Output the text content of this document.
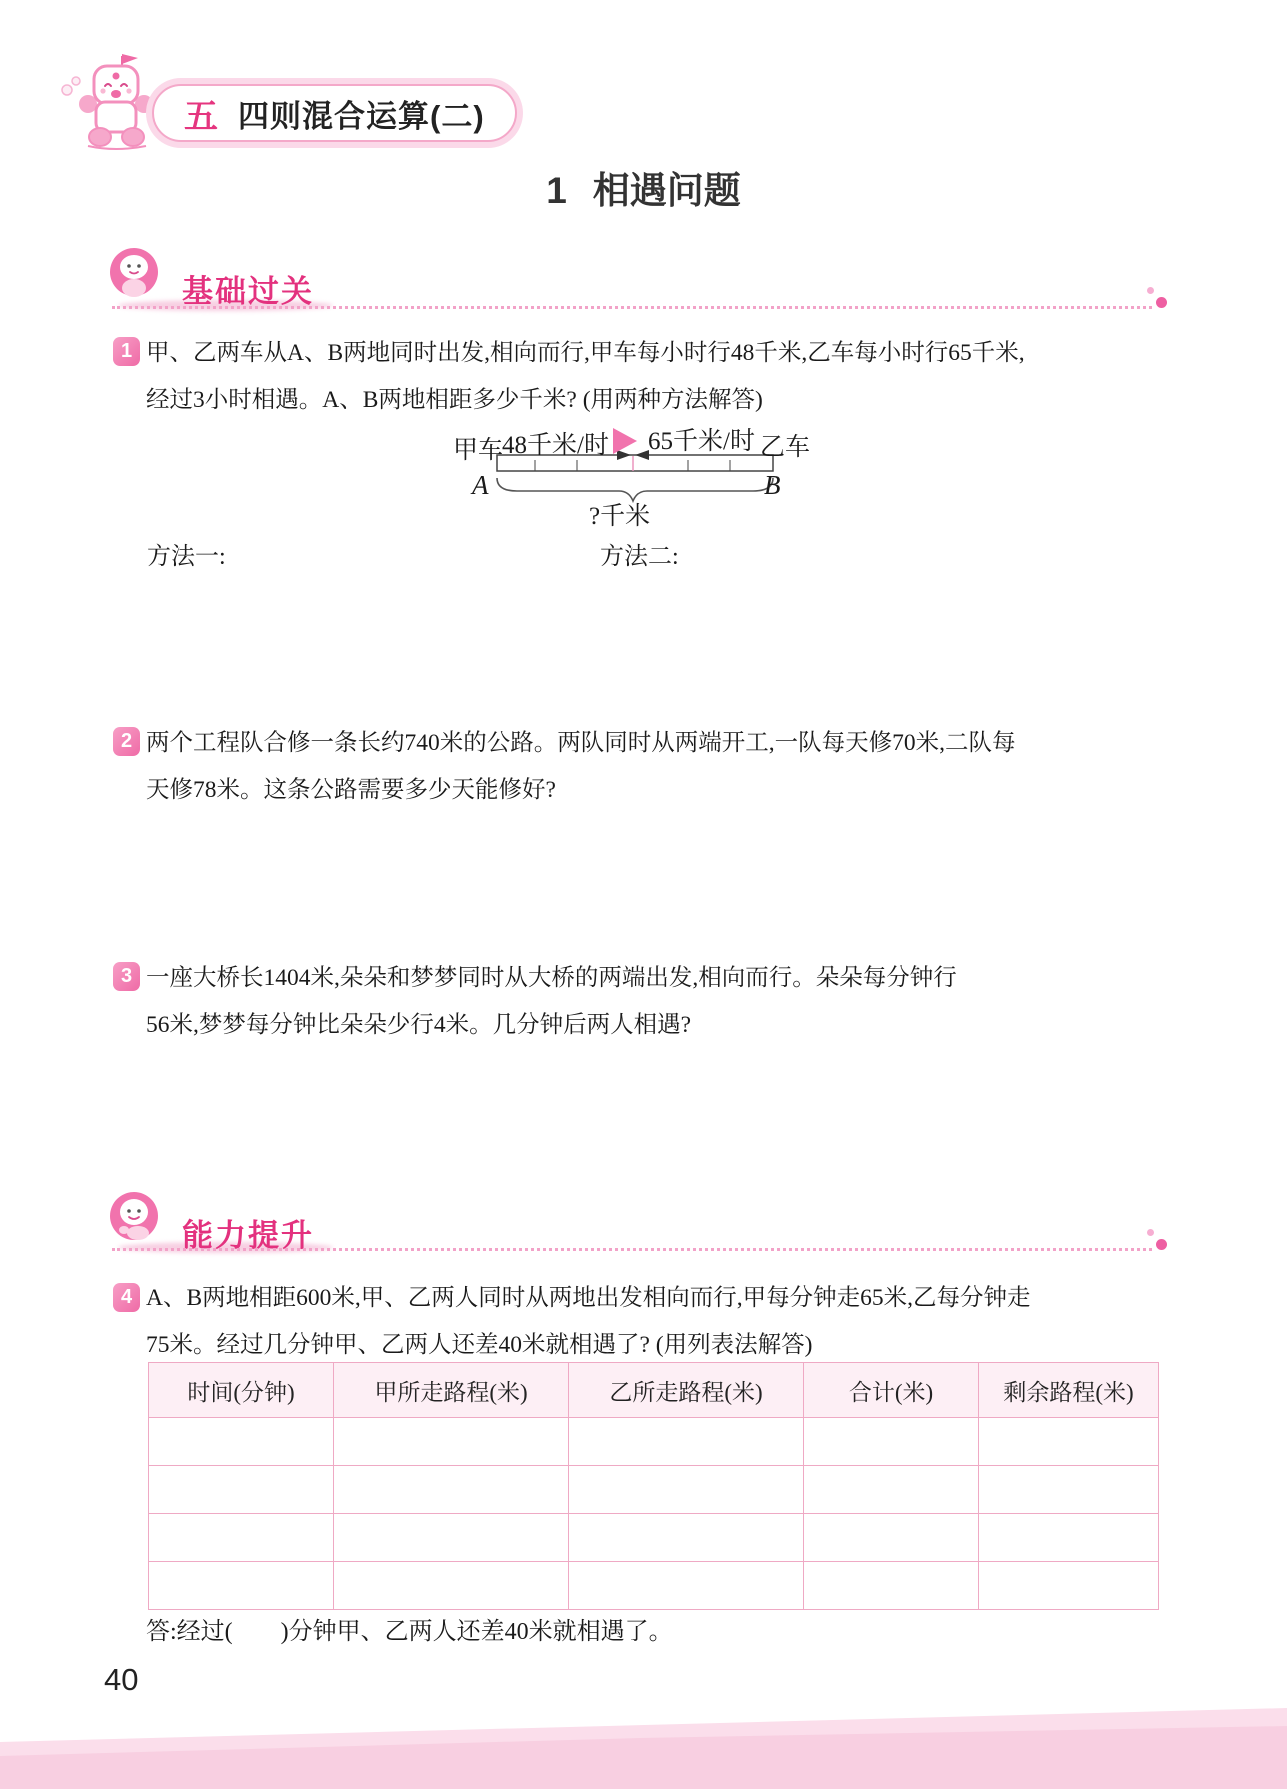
五 四则混合运算(二)
1 相遇问题
基础过关
1 甲、乙两车从A、B两地同时出发,相向而行,甲车每小时行48千米,乙车每小时行65千米,
经过3小时相遇。A、B两地相距多少千米? (用两种方法解答)
甲车
48千米/时 65千米/时 乙车
A	B
?千米
方法一:	方法二:
2 两个工程队合修一条长约740米的公路。两队同时从两端开工,一队每天修70米,二队每
天修78米。这条公路需要多少天能修好?
3 一座大桥长1404米,朵朵和梦梦同时从大桥的两端出发,相向而行。朵朵每分钟行
56米,梦梦每分钟比朵朵少行4米。几分钟后两人相遇?
能力提升
4 A、B两地相距600米,甲、乙两人同时从两地出发相向而行,甲每分钟走65米,乙每分钟走
75米。经过几分钟甲、乙两人还差40米就相遇了? (用列表法解答)
时间(分钟)	甲所走路程(米)	乙所走路程(米)	合计(米)	剩余路程(米)

答:经过(        )分钟甲、乙两人还差40米就相遇了。
40
